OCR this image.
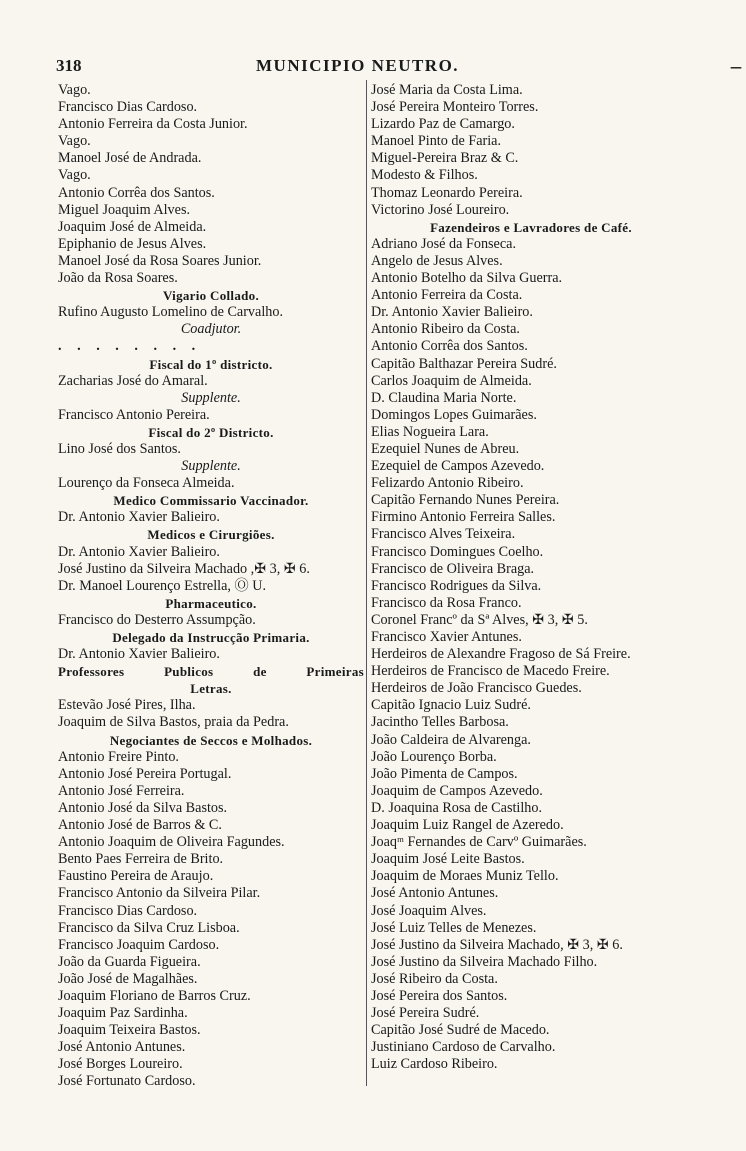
318	MUNICIPIO NEUTRO.	—
Vago.
Francisco Dias Cardoso.
Antonio Ferreira da Costa Junior.
Vago.
Manoel José de Andrada.
Vago.
Antonio Corrêa dos Santos.
Miguel Joaquim Alves.
Joaquim José de Almeida.
Epiphanio de Jesus Alves.
Manoel José da Rosa Soares Junior.
João da Rosa Soares.
Vigario Collado.
Rufino Augusto Lomelino de Carvalho.
Coadjutor.
. . . . . . . .
Fiscal do 1º districto.
Zacharias José do Amaral.
Supplente.
Francisco Antonio Pereira.
Fiscal do 2º Districto.
Lino José dos Santos.
Supplente.
Lourenço da Fonseca Almeida.
Medico Commissario Vaccinador.
Dr. Antonio Xavier Balieiro.
Medicos e Cirurgiões.
Dr. Antonio Xavier Balieiro.
José Justino da Silveira Machado ,✠ 3, ✠ 6.
Dr. Manoel Lourenço Estrella, Ⓞ U.
Pharmaceutico.
Francisco do Desterro Assumpção.
Delegado da Instrucção Primaria.
Dr. Antonio Xavier Balieiro.
Professores Publicos de Primeiras
Letras.
Estevão José Pires, Ilha.
Joaquim de Silva Bastos, praia da Pedra.
Negociantes de Seccos e Molhados.
Antonio Freire Pinto.
Antonio José Pereira Portugal.
Antonio José Ferreira.
Antonio José da Silva Bastos.
Antonio José de Barros & C.
Antonio Joaquim de Oliveira Fagundes.
Bento Paes Ferreira de Brito.
Faustino Pereira de Araujo.
Francisco Antonio da Silveira Pilar.
Francisco Dias Cardoso.
Francisco da Silva Cruz Lisboa.
Francisco Joaquim Cardoso.
João da Guarda Figueira.
João José de Magalhães.
Joaquim Floriano de Barros Cruz.
Joaquim Paz Sardinha.
Joaquim Teixeira Bastos.
José Antonio Antunes.
José Borges Loureiro.
José Fortunato Cardoso.
José Maria da Costa Lima.
José Pereira Monteiro Torres.
Lizardo Paz de Camargo.
Manoel Pinto de Faria.
Miguel-Pereira Braz & C.
Modesto & Filhos.
Thomaz Leonardo Pereira.
Victorino José Loureiro.
Fazendeiros e Lavradores de Café.
Adriano José da Fonseca.
Angelo de Jesus Alves.
Antonio Botelho da Silva Guerra.
Antonio Ferreira da Costa.
Dr. Antonio Xavier Balieiro.
Antonio Ribeiro da Costa.
Antonio Corrêa dos Santos.
Capitão Balthazar Pereira Sudré.
Carlos Joaquim de Almeida.
D. Claudina Maria Norte.
Domingos Lopes Guimarães.
Elias Nogueira Lara.
Ezequiel Nunes de Abreu.
Ezequiel de Campos Azevedo.
Felizardo Antonio Ribeiro.
Capitão Fernando Nunes Pereira.
Firmino Antonio Ferreira Salles.
Francisco Alves Teixeira.
Francisco Domingues Coelho.
Francisco de Oliveira Braga.
Francisco Rodrigues da Silva.
Francisco da Rosa Franco.
Coronel Francº da Sª Alves, ✠ 3, ✠ 5.
Francisco Xavier Antunes.
Herdeiros de Alexandre Fragoso de Sá Freire.
Herdeiros de Francisco de Macedo Freire.
Herdeiros de João Francisco Guedes.
Capitão Ignacio Luiz Sudré.
Jacintho Telles Barbosa.
João Caldeira de Alvarenga.
João Lourenço Borba.
João Pimenta de Campos.
Joaquim de Campos Azevedo.
D. Joaquina Rosa de Castilho.
Joaquim Luiz Rangel de Azeredo.
Joaqᵐ Fernandes de Carvº Guimarães.
Joaquim José Leite Bastos.
Joaquim de Moraes Muniz Tello.
José Antonio Antunes.
José Joaquim Alves.
José Luiz Telles de Menezes.
José Justino da Silveira Machado, ✠ 3, ✠ 6.
José Justino da Silveira Machado Filho.
José Ribeiro da Costa.
José Pereira dos Santos.
José Pereira Sudré.
Capitão José Sudré de Macedo.
Justiniano Cardoso de Carvalho.
Luiz Cardoso Ribeiro.
